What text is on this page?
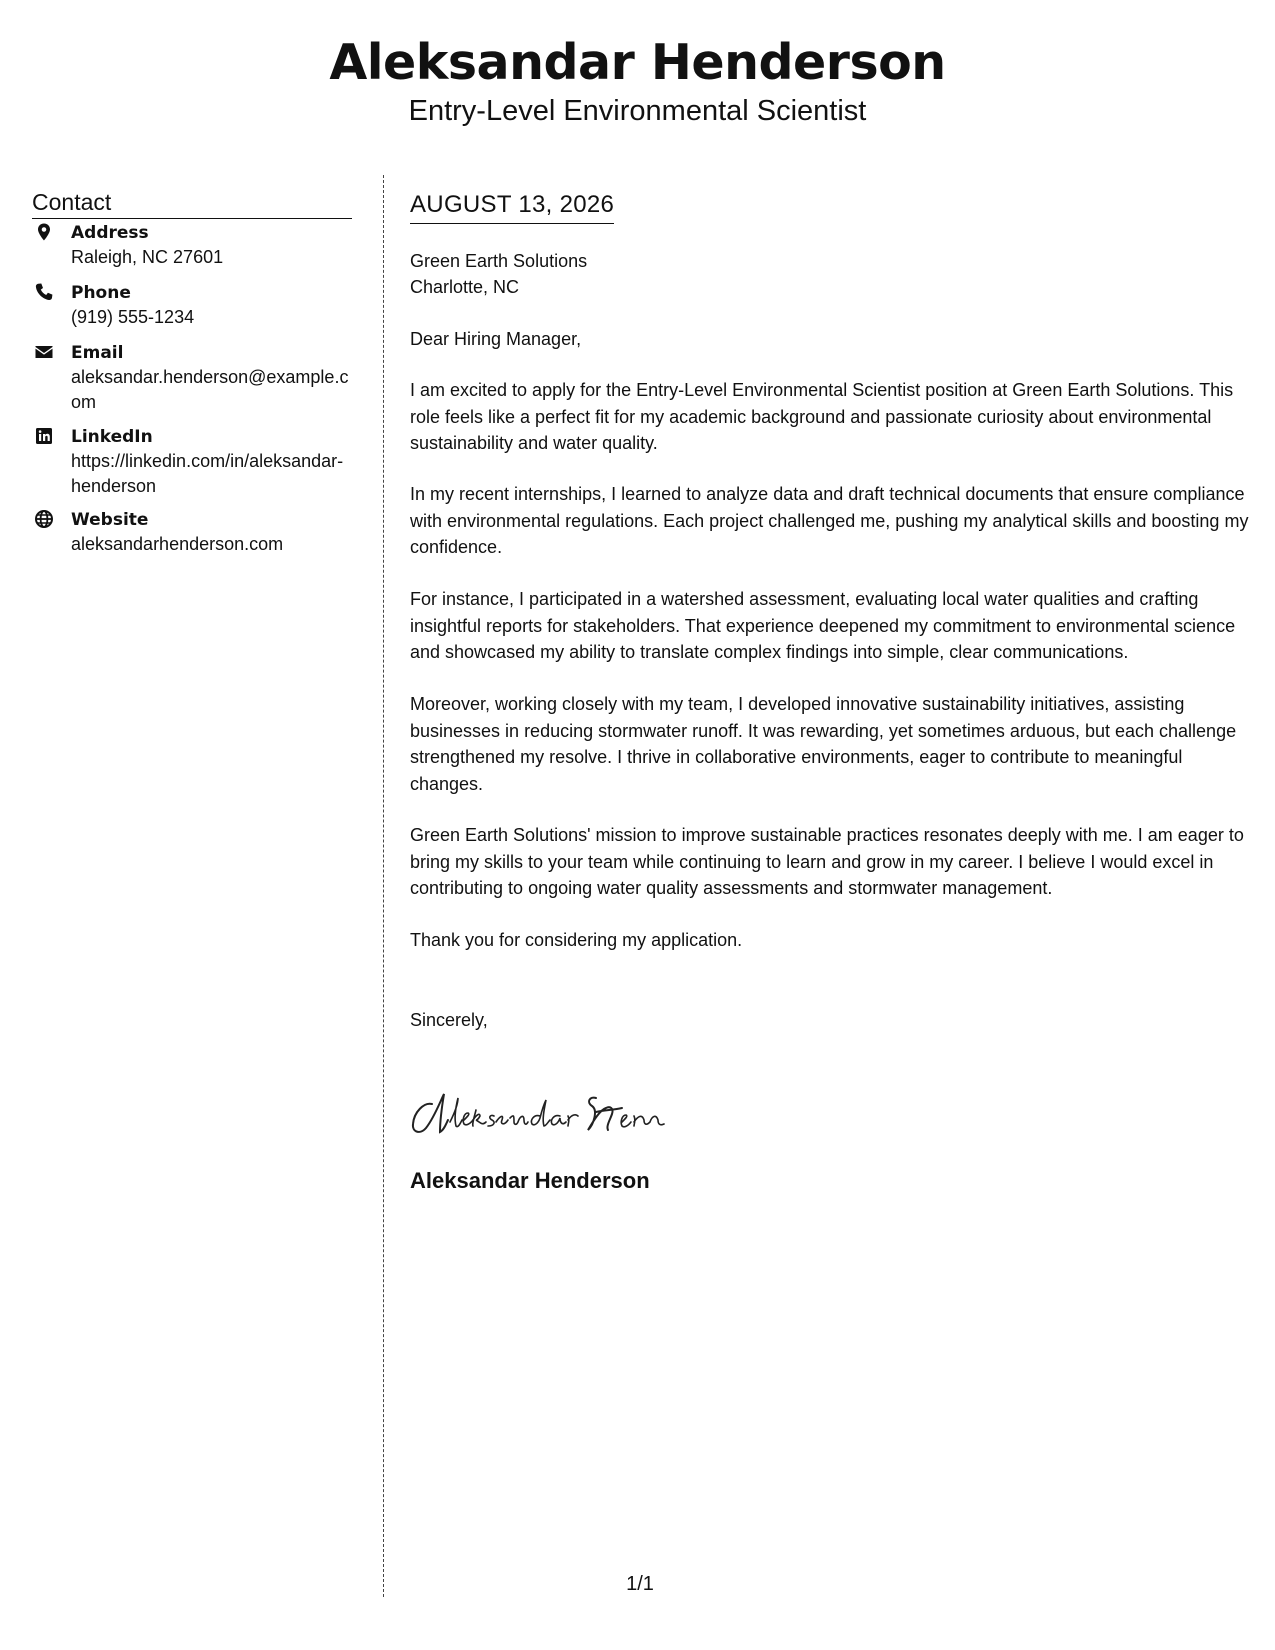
Aleksandar Henderson
Entry-Level Environmental Scientist
Contact
Address
Raleigh, NC 27601
Phone
(919) 555-1234
Email
aleksandar.henderson@example.com
LinkedIn
https://linkedin.com/in/aleksandar-henderson
Website
aleksandarhenderson.com
AUGUST 13, 2026
Green Earth Solutions
Charlotte, NC
Dear Hiring Manager,
I am excited to apply for the Entry-Level Environmental Scientist position at Green Earth Solutions. This role feels like a perfect fit for my academic background and passionate curiosity about environmental sustainability and water quality.
In my recent internships, I learned to analyze data and draft technical documents that ensure compliance with environmental regulations. Each project challenged me, pushing my analytical skills and boosting my confidence.
For instance, I participated in a watershed assessment, evaluating local water qualities and crafting insightful reports for stakeholders. That experience deepened my commitment to environmental science and showcased my ability to translate complex findings into simple, clear communications.
Moreover, working closely with my team, I developed innovative sustainability initiatives, assisting businesses in reducing stormwater runoff. It was rewarding, yet sometimes arduous, but each challenge strengthened my resolve. I thrive in collaborative environments, eager to contribute to meaningful changes.
Green Earth Solutions' mission to improve sustainable practices resonates deeply with me. I am eager to bring my skills to your team while continuing to learn and grow in my career. I believe I would excel in contributing to ongoing water quality assessments and stormwater management.
Thank you for considering my application.
Sincerely,
Aleksandar Henderson
1/1
